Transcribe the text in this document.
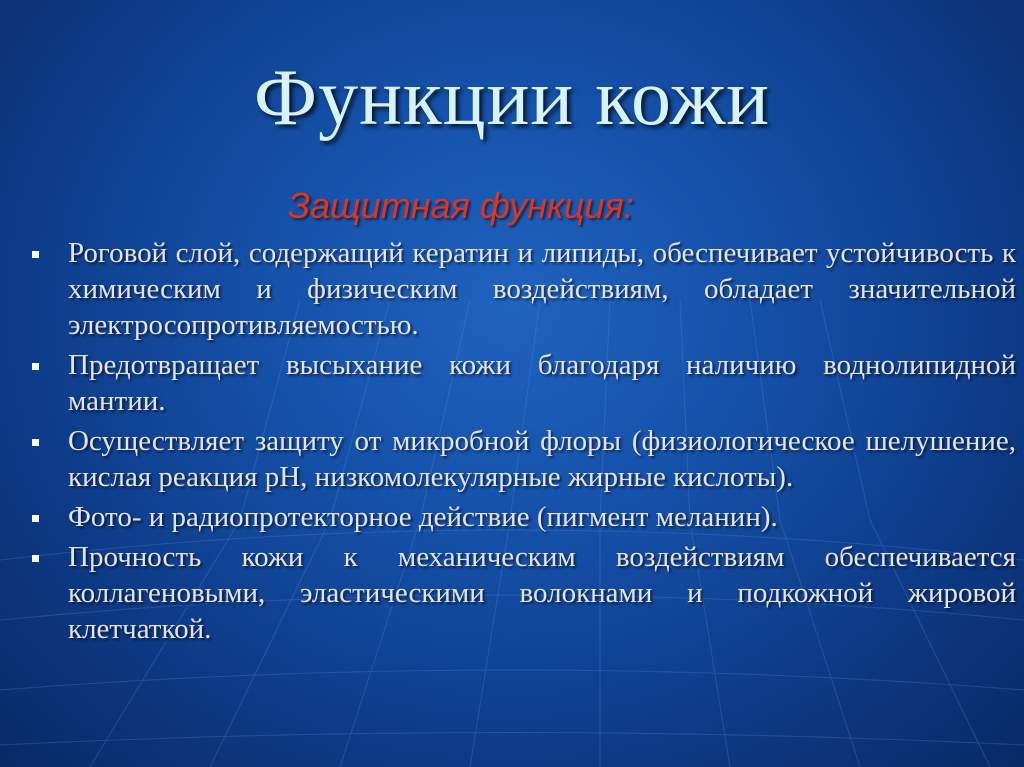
Функции кожи
Защитная функция:
Роговой слой, содержащий кератин и липиды, обеспечивает устойчивость к химическим и физическим воздействиям, обладает значительной электросопротивляемостью.
Предотвращает высыхание кожи благодаря наличию воднолипидной мантии.
Осуществляет защиту от микробной флоры (физиологическое шелушение, кислая реакция рН, низкомолекулярные жирные кислоты).
Фото- и радиопротекторное действие (пигмент меланин).
Прочность кожи к механическим воздействиям обеспечивается коллагеновыми, эластическими волокнами и подкожной жировой клетчаткой.
